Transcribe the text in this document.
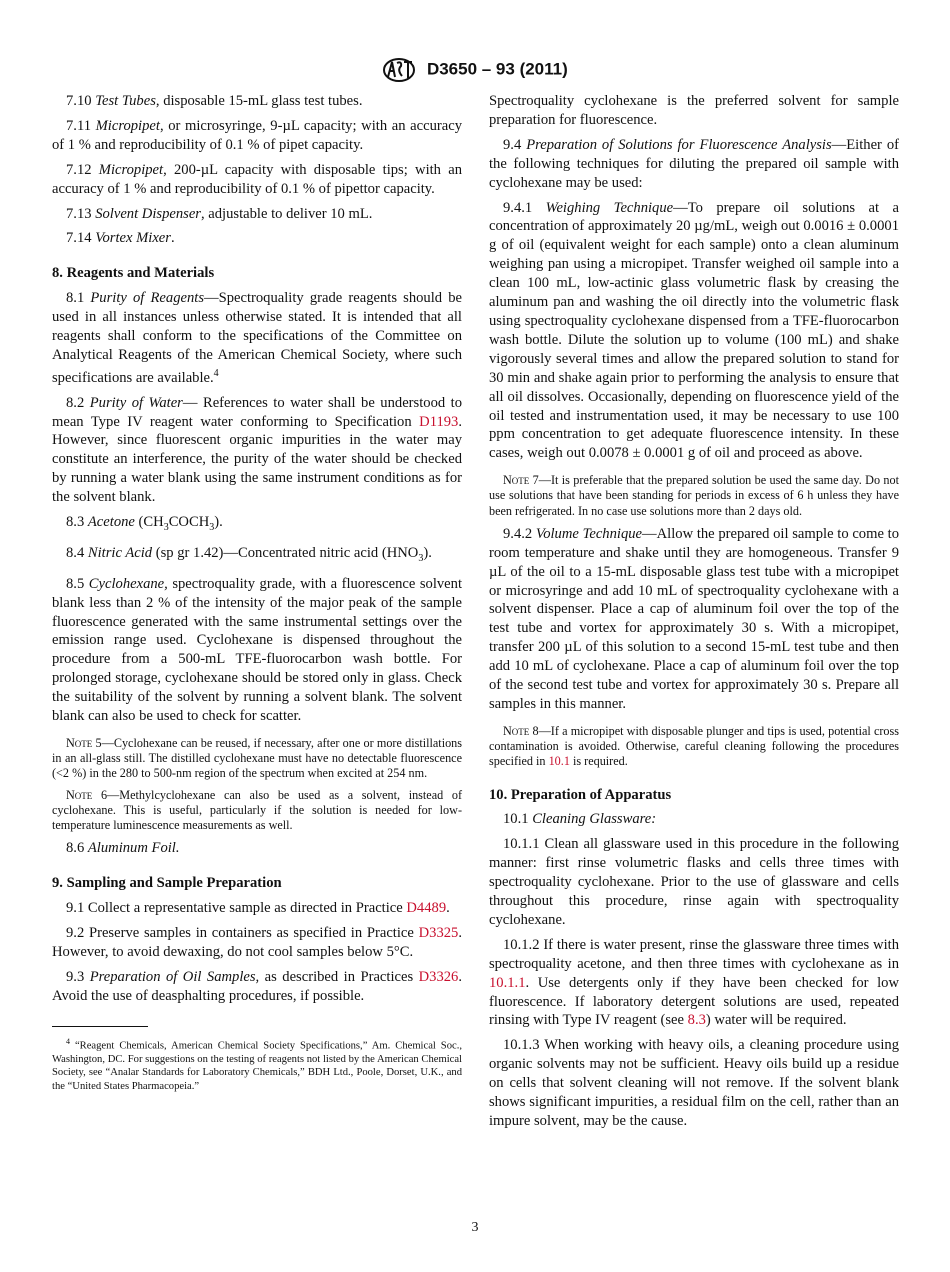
D3650 – 93 (2011)

7.10 Test Tubes, disposable 15-mL glass test tubes.

7.11 Micropipet, or microsyringe, 9-µL capacity; with an accuracy of 1 % and reproducibility of 0.1 % of pipet capacity.

7.12 Micropipet, 200-µL capacity with disposable tips; with an accuracy of 1 % and reproducibility of 0.1 % of pipettor capacity.

7.13 Solvent Dispenser, adjustable to deliver 10 mL.

7.14 Vortex Mixer.

8. Reagents and Materials

8.1 Purity of Reagents—Spectroquality grade reagents should be used in all instances unless otherwise stated. It is intended that all reagents shall conform to the specifications of the Committee on Analytical Reagents of the American Chemical Society, where such specifications are available.$^4$

8.2 Purity of Water— References to water shall be understood to mean Type IV reagent water conforming to Specification D1193. However, since fluorescent organic impurities in the water may constitute an interference, the purity of the water should be checked by running a water blank using the same instrument conditions as for the solvent blank.

8.3 Acetone $(CH_3COCH_3)$.

8.4 Nitric Acid (sp gr 1.42)—Concentrated nitric acid $(HNO_3)$.

8.5 Cyclohexane, spectroquality grade, with a fluorescence solvent blank less than 2 % of the intensity of the major peak of the sample fluorescence generated with the same instrumental settings over the emission range used. Cyclohexane is dispensed throughout the procedure from a 500-mL TFE-fluorocarbon wash bottle. For prolonged storage, cyclohexane should be stored only in glass. Check the suitability of the solvent by running a solvent blank. The solvent blank can also be used to check for scatter.

Note 5—Cyclohexane can be reused, if necessary, after one or more distillations in an all-glass still. The distilled cyclohexane must have no detectable fluorescence (<2 %) in the 280 to 500-nm region of the spectrum when excited at 254 nm.

Note 6—Methylcyclohexane can also be used as a solvent, instead of cyclohexane. This is useful, particularly if the solution is needed for low-temperature luminescence measurements as well.

8.6 Aluminum Foil.

9. Sampling and Sample Preparation

9.1 Collect a representative sample as directed in Practice D4489.

9.2 Preserve samples in containers as specified in Practice D3325. However, to avoid dewaxing, do not cool samples below 5°C.

9.3 Preparation of Oil Samples, as described in Practices D3326. Avoid the use of deasphalting procedures, if possible.

$^4$ “Reagent Chemicals, American Chemical Society Specifications,” Am. Chemical Soc., Washington, DC. For suggestions on the testing of reagents not listed by the American Chemical Society, see “Analar Standards for Laboratory Chemicals,” BDH Ltd., Poole, Dorset, U.K., and the “United States Pharmacopeia.”

Spectroquality cyclohexane is the preferred solvent for sample preparation for fluorescence.

9.4 Preparation of Solutions for Fluorescence Analysis—Either of the following techniques for diluting the prepared oil sample with cyclohexane may be used:

9.4.1 Weighing Technique—To prepare oil solutions at a concentration of approximately 20 µg/mL, weigh out 0.0016 ± 0.0001 g of oil (equivalent weight for each sample) onto a clean aluminum weighing pan using a micropipet. Transfer weighed oil sample into a clean 100 mL, low-actinic glass volumetric flask by creasing the aluminum pan and washing the oil directly into the volumetric flask using spectroquality cyclohexane dispensed from a TFE-fluorocarbon wash bottle. Dilute the solution up to volume (100 mL) and shake vigorously several times and allow the prepared solution to stand for 30 min and shake again prior to performing the analysis to ensure that all oil dissolves. Occasionally, depending on fluorescence yield of the oil tested and instrumentation used, it may be necessary to use 100 ppm concentration to get adequate fluorescence intensity. In these cases, weigh out 0.0078 ± 0.0001 g of oil and proceed as above.

Note 7—It is preferable that the prepared solution be used the same day. Do not use solutions that have been standing for periods in excess of 6 h unless they have been refrigerated. In no case use solutions more than 2 days old.

9.4.2 Volume Technique—Allow the prepared oil sample to come to room temperature and shake until they are homogeneous. Transfer 9 µL of the oil to a 15-mL disposable glass test tube with a micropipet or microsyringe and add 10 mL of spectroquality cyclohexane with a solvent dispenser. Place a cap of aluminum foil over the top of the test tube and vortex for approximately 30 s. With a micropipet, transfer 200 µL of this solution to a second 15-mL test tube and then add 10 mL of cyclohexane. Place a cap of aluminum foil over the top of the second test tube and vortex for approximately 30 s. Prepare all samples in this manner.

Note 8—If a micropipet with disposable plunger and tips is used, potential cross contamination is avoided. Otherwise, careful cleaning following the procedures specified in 10.1 is required.

10. Preparation of Apparatus

10.1 Cleaning Glassware:

10.1.1 Clean all glassware used in this procedure in the following manner: first rinse volumetric flasks and cells three times with spectroquality cyclohexane. Prior to the use of glassware and cells throughout this procedure, rinse again with spectroquality cyclohexane.

10.1.2 If there is water present, rinse the glassware three times with spectroquality acetone, and then three times with cyclohexane as in 10.1.1. Use detergents only if they have been checked for low fluorescence. If laboratory detergent solutions are used, repeated rinsing with Type IV reagent (see 8.3) water will be required.

10.1.3 When working with heavy oils, a cleaning procedure using organic solvents may not be sufficient. Heavy oils build up a residue on cells that solvent cleaning will not remove. If the solvent blank shows significant impurities, a residual film on the cell, rather than an impure solvent, may be the cause.

3
